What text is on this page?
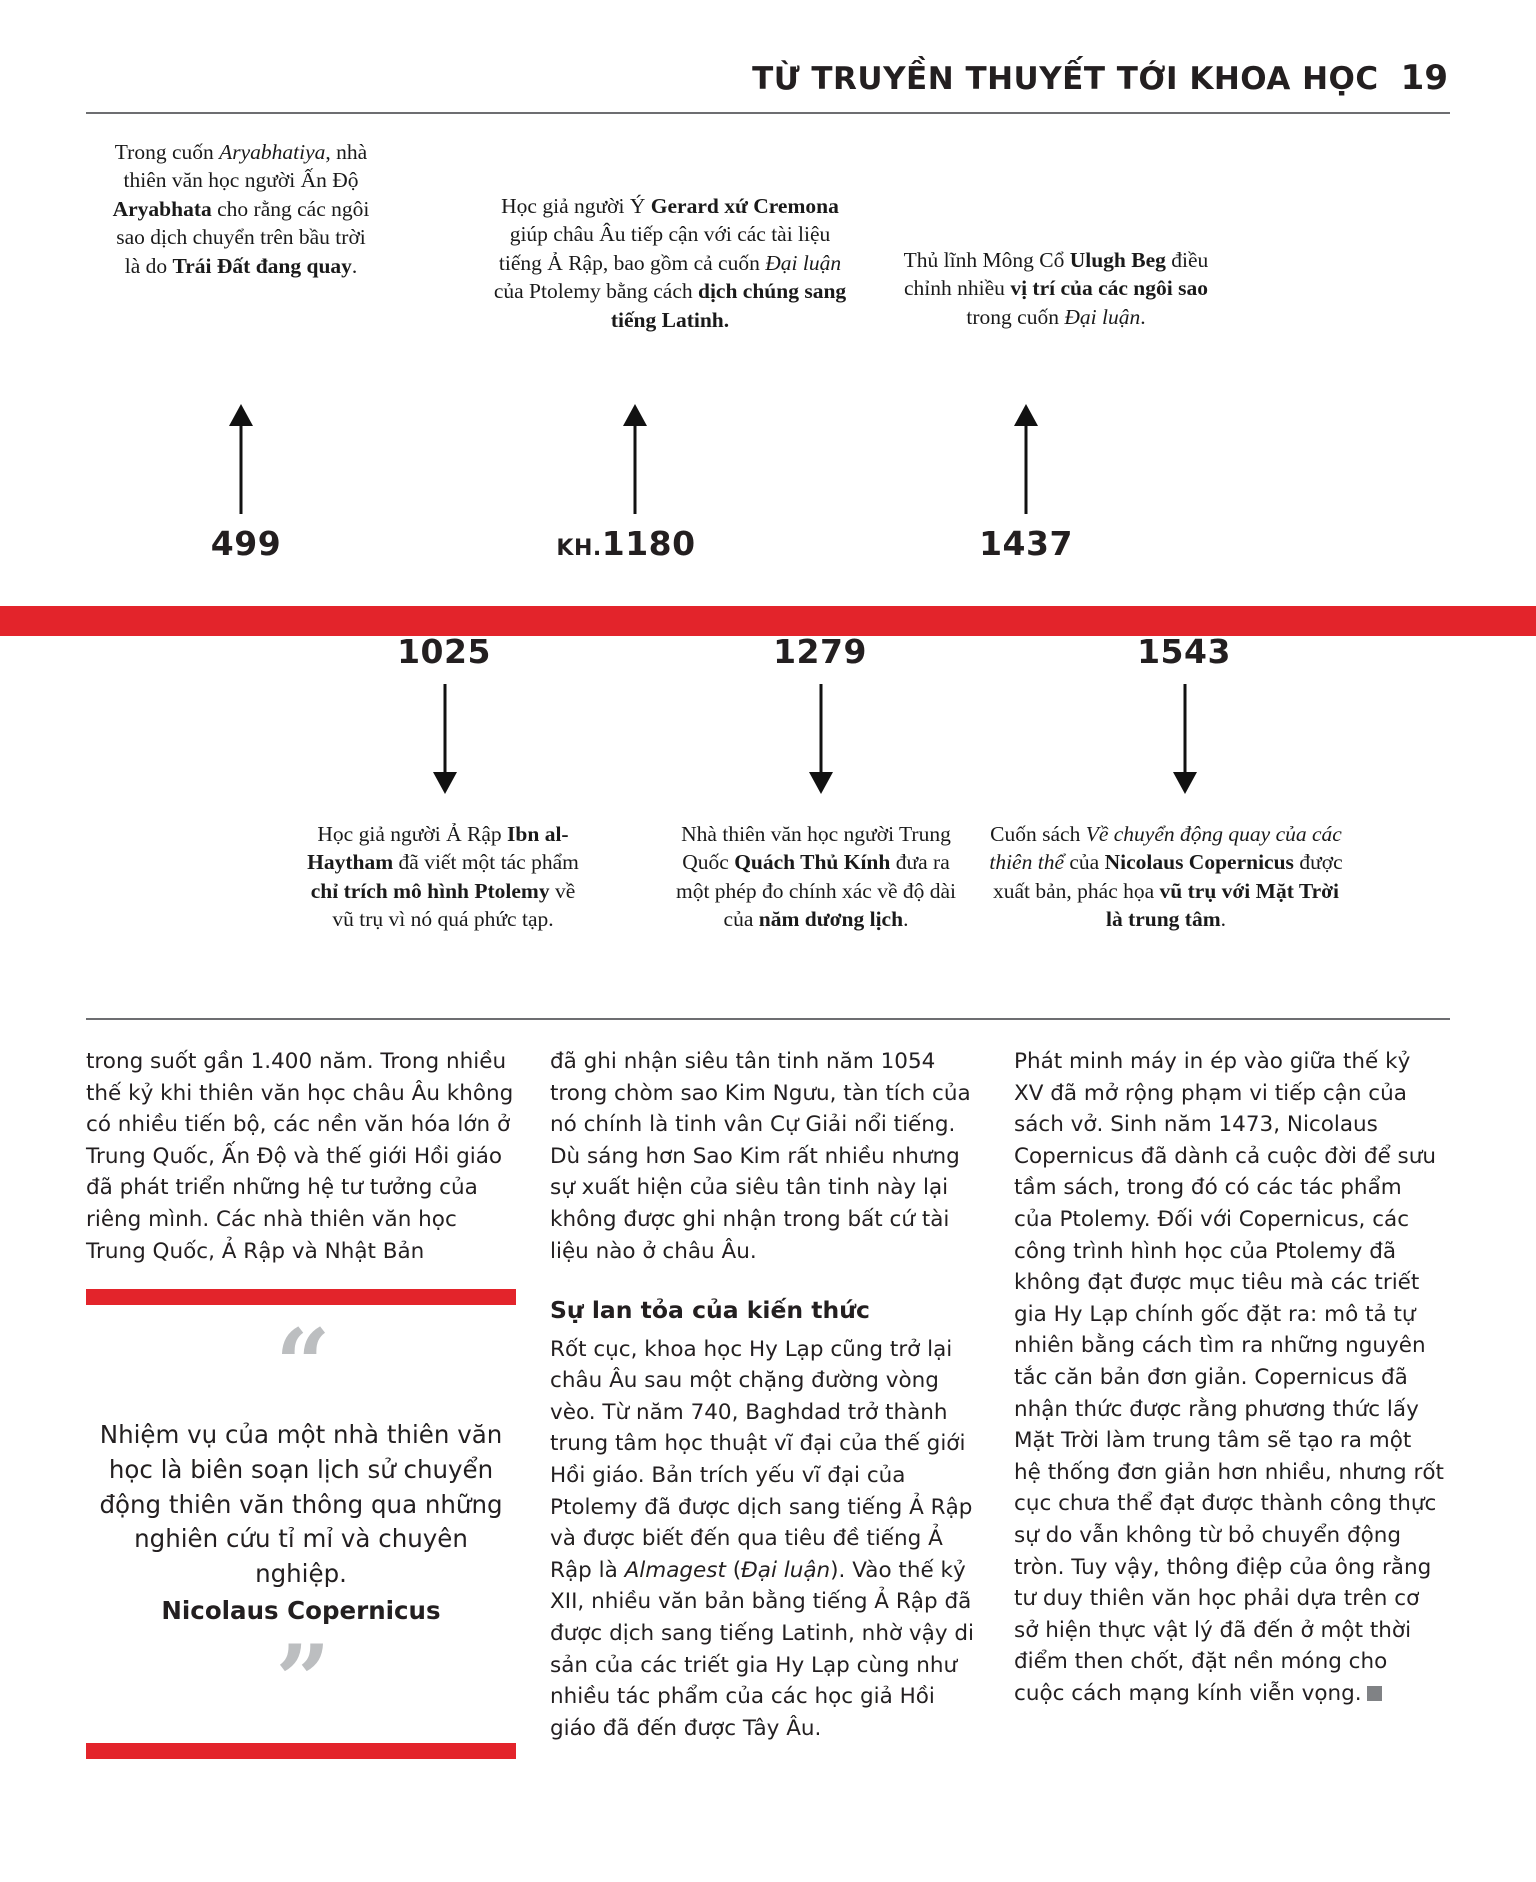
TỪ TRUYỀN THUYẾT TỚI KHOA HỌC 19
Trong cuốn Aryabhatiya, nhà thiên văn học người Ấn Độ Aryabhata cho rằng các ngôi sao dịch chuyển trên bầu trời là do Trái Đất đang quay.
499
Học giả người Ý Gerard xứ Cremona giúp châu Âu tiếp cận với các tài liệu tiếng Ả Rập, bao gồm cả cuốn Đại luận của Ptolemy bằng cách dịch chúng sang tiếng Latinh.
KH.1180
Thủ lĩnh Mông Cổ Ulugh Beg điều chỉnh nhiều vị trí của các ngôi sao trong cuốn Đại luận.
1437
1025
Học giả người Ả Rập Ibn al-Haytham đã viết một tác phẩm chỉ trích mô hình Ptolemy về vũ trụ vì nó quá phức tạp.
1279
Nhà thiên văn học người Trung Quốc Quách Thủ Kính đưa ra một phép đo chính xác về độ dài của năm dương lịch.
1543
Cuốn sách Về chuyển động quay của các thiên thể của Nicolaus Copernicus được xuất bản, phác họa vũ trụ với Mặt Trời là trung tâm.

trong suốt gần 1.400 năm. Trong nhiều thế kỷ khi thiên văn học châu Âu không có nhiều tiến bộ, các nền văn hóa lớn ở Trung Quốc, Ấn Độ và thế giới Hồi giáo đã phát triển những hệ tư tưởng của riêng mình. Các nhà thiên văn học Trung Quốc, Ả Rập và Nhật Bản

“
Nhiệm vụ của một nhà thiên văn học là biên soạn lịch sử chuyển động thiên văn thông qua những nghiên cứu tỉ mỉ và chuyên nghiệp.
Nicolaus Copernicus
”

đã ghi nhận siêu tân tinh năm 1054 trong chòm sao Kim Ngưu, tàn tích của nó chính là tinh vân Cự Giải nổi tiếng. Dù sáng hơn Sao Kim rất nhiều nhưng sự xuất hiện của siêu tân tinh này lại không được ghi nhận trong bất cứ tài liệu nào ở châu Âu.

Sự lan tỏa của kiến thức

Rốt cục, khoa học Hy Lạp cũng trở lại châu Âu sau một chặng đường vòng vèo. Từ năm 740, Baghdad trở thành trung tâm học thuật vĩ đại của thế giới Hồi giáo. Bản trích yếu vĩ đại của Ptolemy đã được dịch sang tiếng Ả Rập và được biết đến qua tiêu đề tiếng Ả Rập là Almagest (Đại luận). Vào thế kỷ XII, nhiều văn bản bằng tiếng Ả Rập đã được dịch sang tiếng Latinh, nhờ vậy di sản của các triết gia Hy Lạp cùng như nhiều tác phẩm của các học giả Hồi giáo đã đến được Tây Âu.

Phát minh máy in ép vào giữa thế kỷ XV đã mở rộng phạm vi tiếp cận của sách vở. Sinh năm 1473, Nicolaus Copernicus đã dành cả cuộc đời để sưu tầm sách, trong đó có các tác phẩm của Ptolemy. Đối với Copernicus, các công trình hình học của Ptolemy đã không đạt được mục tiêu mà các triết gia Hy Lạp chính gốc đặt ra: mô tả tự nhiên bằng cách tìm ra những nguyên tắc căn bản đơn giản. Copernicus đã nhận thức được rằng phương thức lấy Mặt Trời làm trung tâm sẽ tạo ra một hệ thống đơn giản hơn nhiều, nhưng rốt cục chưa thể đạt được thành công thực sự do vẫn không từ bỏ chuyển động tròn. Tuy vậy, thông điệp của ông rằng tư duy thiên văn học phải dựa trên cơ sở hiện thực vật lý đã đến ở một thời điểm then chốt, đặt nền móng cho cuộc cách mạng kính viễn vọng.
